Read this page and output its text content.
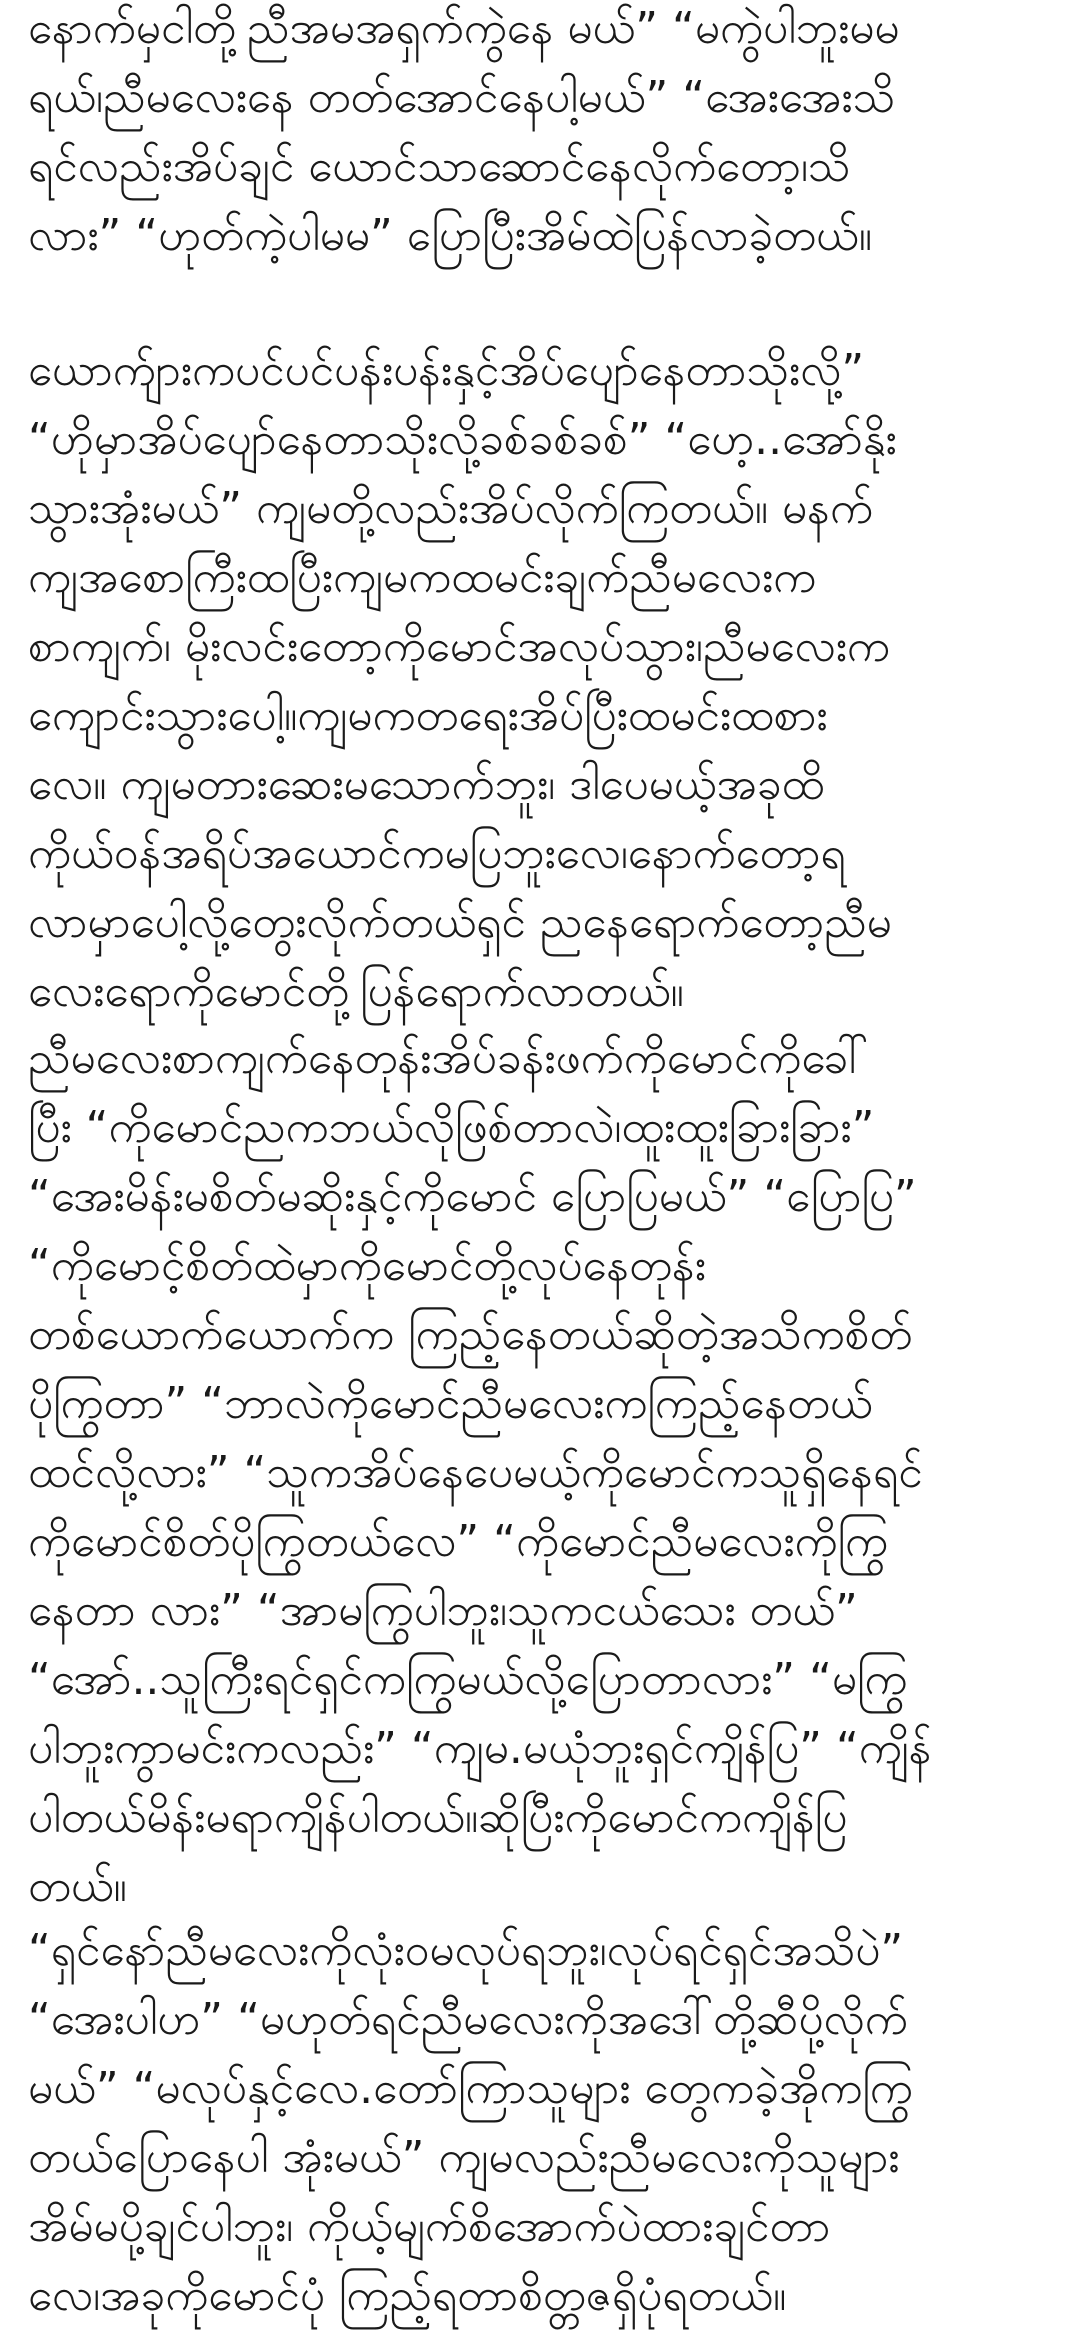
နောက်မှငါတို့ညီအမအရှက်ကွဲနေ မယ်” “မကွဲပါဘူးမမ
ရယ်၊ညီမလေးနေ တတ်အောင်နေပါ့မယ်” “အေးအေးသိ
ရင်လည်းအိပ်ချင် ယောင်သာဆောင်နေလိုက်တော့၊သိ
လား” “ဟုတ်ကဲ့ပါမမ” ပြောပြီးအိမ်ထဲပြန်လာခဲ့တယ်။
ယောက်ျားကပင်ပင်ပန်းပန်းနှင့်အိပ်ပျော်နေတာသိုးလို့”
“ဟိုမှာအိပ်ပျော်နေတာသိုးလို့ခစ်ခစ်ခစ်” “ဟေ့..အော်နိုး
သွားအုံးမယ်” ကျမတို့လည်းအိပ်လိုက်ကြတယ်။ မနက်
ကျအစောကြီးထပြီးကျမကထမင်းချက်ညီမလေးက
စာကျက်၊ မိုးလင်းတော့ကိုမောင်အလုပ်သွား၊ညီမလေးက
ကျောင်းသွားပေါ့။ကျမကတရေးအိပ်ပြီးထမင်းထစား
လေ။ ကျမတားဆေးမသောက်ဘူး၊ ဒါပေမယ့်အခုထိ
ကိုယ်ဝန်အရိပ်အယောင်ကမပြဘူးလေ၊နောက်တော့ရ
လာမှာပေါ့လို့တွေးလိုက်တယ်ရှင် ညနေရောက်တော့ညီမ
လေးရောကိုမောင်တို့ပြန်ရောက်လာတယ်။
ညီမလေးစာကျက်နေတုန်းအိပ်ခန်းဖက်ကိုမောင်ကိုခေါ်
ပြီး “ကိုမောင်ညကဘယ်လိုဖြစ်တာလဲ၊ထူးထူးခြားခြား”
“အေးမိန်းမစိတ်မဆိုးနှင့်ကိုမောင် ပြောပြမယ်” “ပြောပြ”
“ကိုမောင့်စိတ်ထဲမှာကိုမောင်တို့လုပ်နေတုန်း
တစ်ယောက်ယောက်က ကြည့်နေတယ်ဆိုတဲ့အသိကစိတ်
ပိုကြွတာ” “ဘာလဲကိုမောင်ညီမလေးကကြည့်နေတယ်
ထင်လို့လား” “သူကအိပ်နေပေမယ့်ကိုမောင်ကသူရှိနေရင်
ကိုမောင်စိတ်ပိုကြွတယ်လေ” “ကိုမောင်ညီမလေးကိုကြွ
နေတာ လား” “အာမကြွပါဘူး၊သူကငယ်သေး တယ်”
“အော်..သူကြီးရင်ရှင်ကကြွမယ်လို့ပြောတာလား” “မကြွ
ပါဘူးကွာမင်းကလည်း” “ကျမ.မယုံဘူးရှင်ကျိန်ပြ” “ကျိန်
ပါတယ်မိန်းမရာကျိန်ပါတယ်။ဆိုပြီးကိုမောင်ကကျိန်ပြ
တယ်။
“ရှင်နော်ညီမလေးကိုလုံးဝမလုပ်ရဘူး၊လုပ်ရင်ရှင်အသိပဲ”
“အေးပါဟ” “မဟုတ်ရင်ညီမလေးကိုအဒေါ်တို့ဆီပို့လိုက်
မယ်” “မလုပ်နှင့်လေ.တော်ကြာသူများ တွေကခဲ့အိုကကြွ
တယ်ပြောနေပါ အုံးမယ်” ကျမလည်းညီမလေးကိုသူများ
အိမ်မပို့ချင်ပါဘူး၊ ကိုယ့်မျက်စိအောက်ပဲထားချင်တာ
လေ၊အခုကိုမောင်ပုံ ကြည့်ရတာစိတ္တဇရှိပုံရတယ်။
